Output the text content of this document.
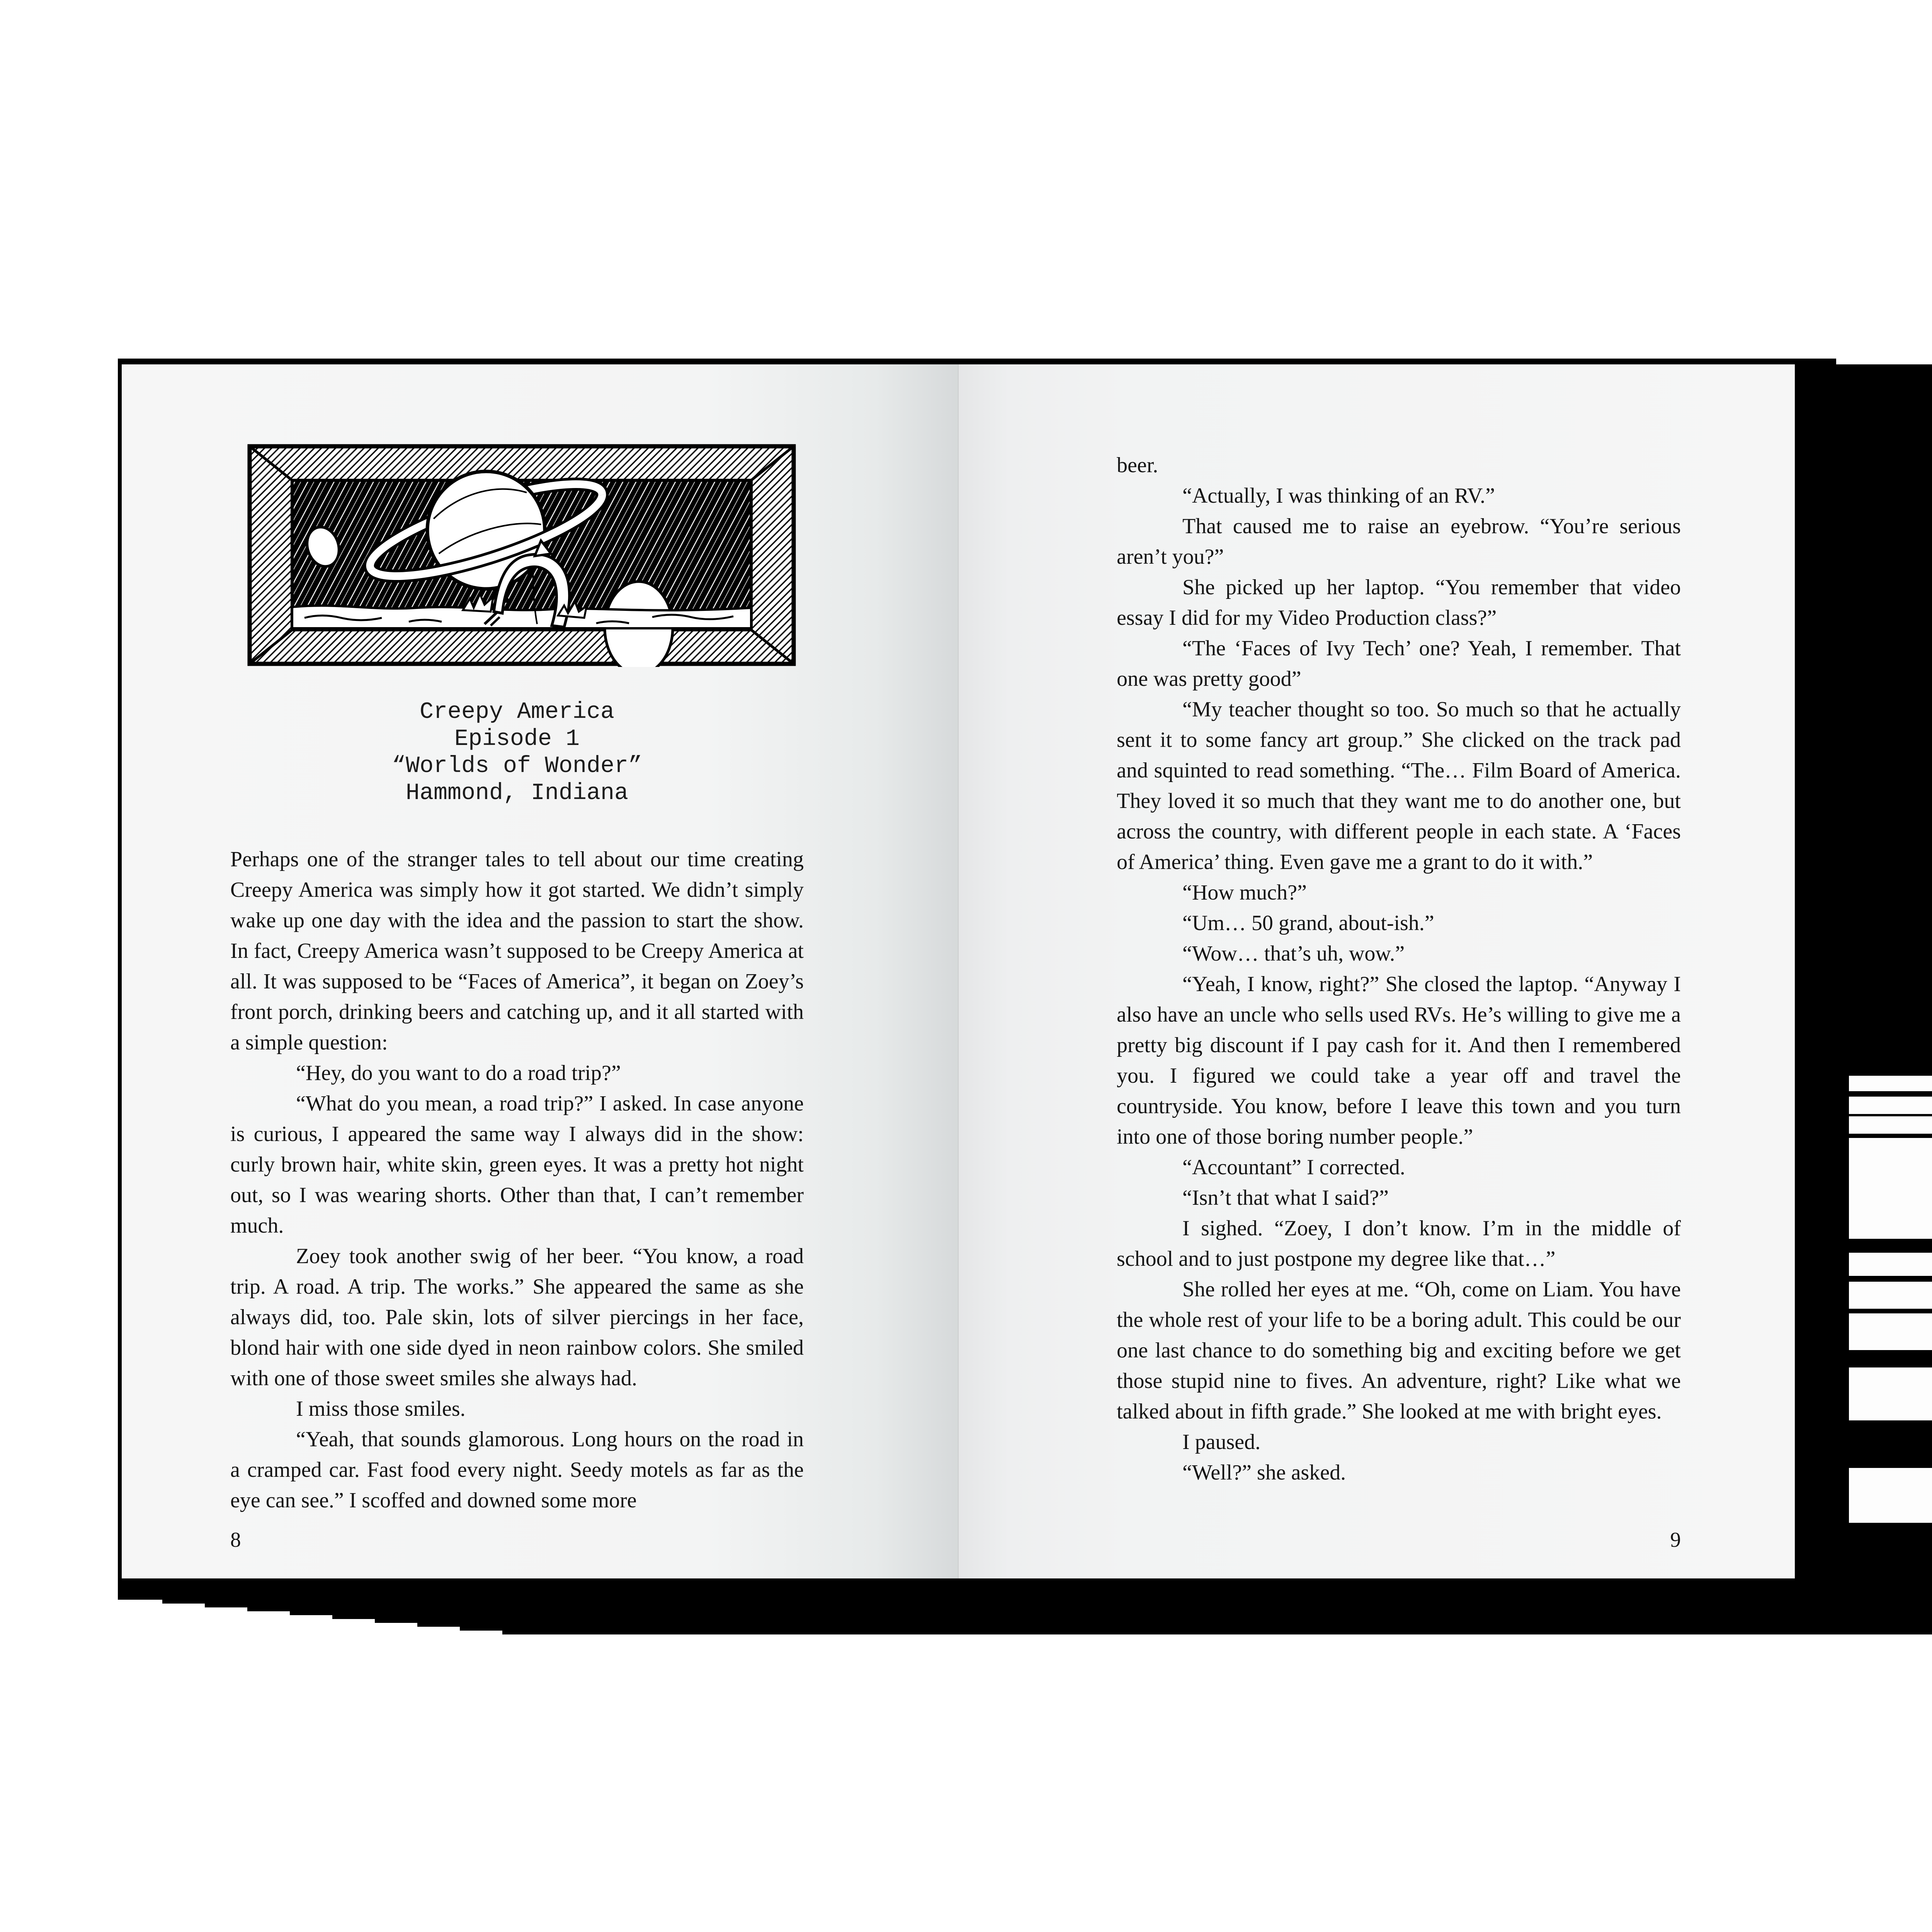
Creepy America
Episode 1
“Worlds of Wonder”
Hammond, Indiana

Perhaps one of the stranger tales to tell about our time creating Creepy America was simply how it got started. We didn’t simply wake up one day with the idea and the passion to start the show. In fact, Creepy America wasn’t supposed to be Creepy America at all. It was supposed to be “Faces of America”, it began on Zoey’s front porch, drinking beers and catching up, and it all started with a simple question:

“Hey, do you want to do a road trip?”

“What do you mean, a road trip?” I asked. In case anyone is curious, I appeared the same way I always did in the show: curly brown hair, white skin, green eyes. It was a pretty hot night out, so I was wearing shorts. Other than that, I can’t remember much.

Zoey took another swig of her beer. “You know, a road trip. A road. A trip. The works.” She appeared the same as she always did, too. Pale skin, lots of silver piercings in her face, blond hair with one side dyed in neon rainbow colors. She smiled with one of those sweet smiles she always had.

I miss those smiles.

“Yeah, that sounds glamorous. Long hours on the road in a cramped car. Fast food every night. Seedy motels as far as the eye can see.” I scoffed and downed some more

8

beer.

“Actually, I was thinking of an RV.”

That caused me to raise an eyebrow. “You’re serious aren’t you?”

She picked up her laptop. “You remember that video essay I did for my Video Production class?”

“The ‘Faces of Ivy Tech’ one? Yeah, I remember. That one was pretty good”

“My teacher thought so too. So much so that he actually sent it to some fancy art group.” She clicked on the track pad and squinted to read something. “The… Film Board of America. They loved it so much that they want me to do another one, but across the country, with different people in each state. A ‘Faces of America’ thing. Even gave me a grant to do it with.”

“How much?”

“Um… 50 grand, about-ish.”

“Wow… that’s uh, wow.”

“Yeah, I know, right?” She closed the laptop. “Anyway I also have an uncle who sells used RVs. He’s willing to give me a pretty big discount if I pay cash for it. And then I remembered you. I figured we could take a year off and travel the countryside. You know, before I leave this town and you turn into one of those boring number people.”

“Accountant” I corrected.

“Isn’t that what I said?”

I sighed. “Zoey, I don’t know. I’m in the middle of school and to just postpone my degree like that…”

She rolled her eyes at me. “Oh, come on Liam. You have the whole rest of your life to be a boring adult. This could be our one last chance to do something big and exciting before we get those stupid nine to fives. An adventure, right? Like what we talked about in fifth grade.” She looked at me with bright eyes.

I paused.

“Well?” she asked.

9
